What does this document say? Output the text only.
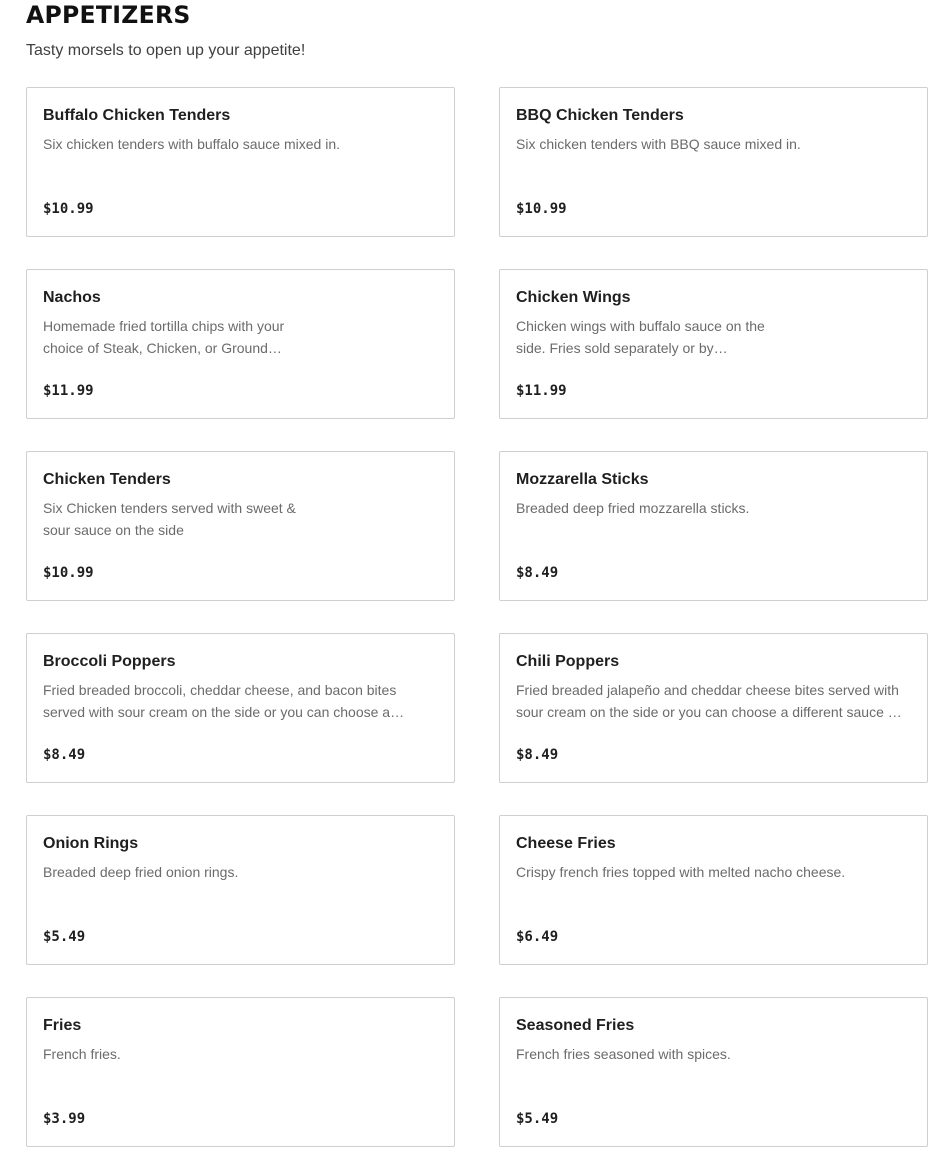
APPETIZERS
Tasty morsels to open up your appetite!
Buffalo Chicken Tenders
Six chicken tenders with buffalo sauce mixed in.
$10.99
BBQ Chicken Tenders
Six chicken tenders with BBQ sauce mixed in.
$10.99
Nachos
Homemade fried tortilla chips with your choice of Steak, Chicken, or Ground…
$11.99
Chicken Wings
Chicken wings with buffalo sauce on the side. Fries sold separately or by…
$11.99
Chicken Tenders
Six Chicken tenders served with sweet & sour sauce on the side
$10.99
Mozzarella Sticks
Breaded deep fried mozzarella sticks.
$8.49
Broccoli Poppers
Fried breaded broccoli, cheddar cheese, and bacon bites served with sour cream on the side or you can choose a…
$8.49
Chili Poppers
Fried breaded jalapeño and cheddar cheese bites served with sour cream on the side or you can choose a different sauce …
$8.49
Onion Rings
Breaded deep fried onion rings.
$5.49
Cheese Fries
Crispy french fries topped with melted nacho cheese.
$6.49
Fries
French fries.
$3.99
Seasoned Fries
French fries seasoned with spices.
$5.49
